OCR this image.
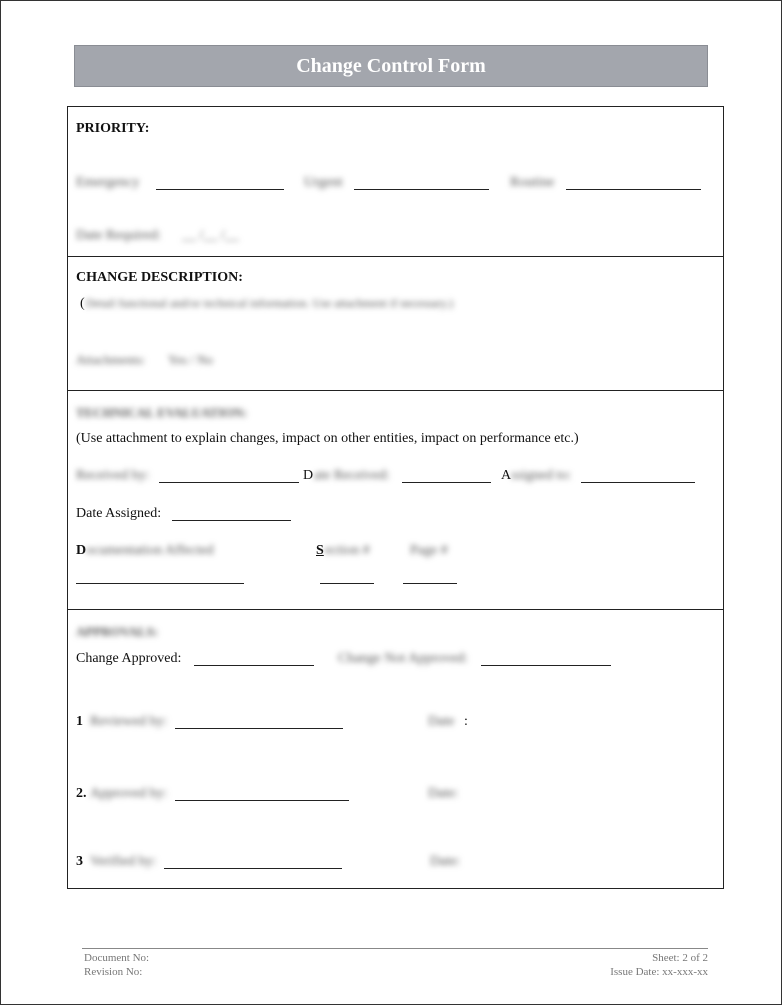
Change Control Form
PRIORITY:
Emergency	Urgent	Routine
Date Required: __ /__ /__
CHANGE DESCRIPTION:
( Detail functional and/or technical information. Use attachment if necessary.)
Attachments: Yes / No
TECHNICAL EVALUATION:
(Use attachment to explain changes, impact on other entities, impact on performance etc.)
Received by:	D ate Received:	A ssigned to:
Date Assigned:
D ocumentation Affected	S ection #	Page #
APPROVALS:
Change Approved:	Change Not Approved:
1 Reviewed by:	Date :
2. Approved by:	Date:
3 Verified by:	Date:
Document No:
Revision No:
Sheet: 2 of 2
Issue Date: xx-xxx-xx
